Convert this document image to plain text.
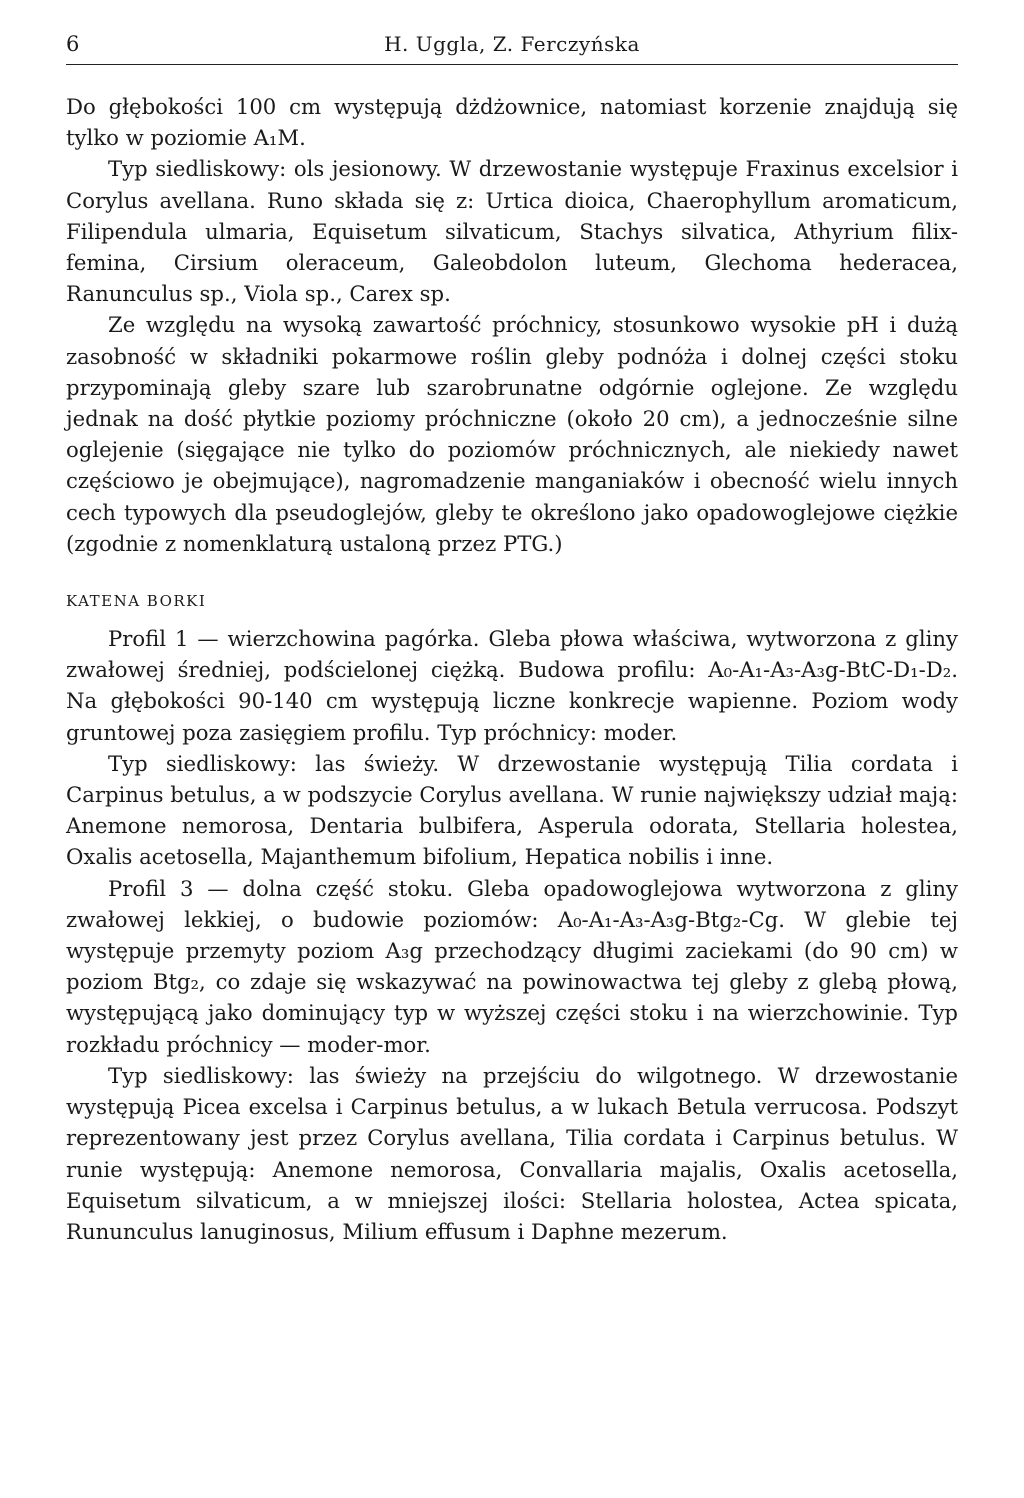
6	H. Uggla, Z. Ferczyńska

Do głębokości 100 cm występują dżdżownice, natomiast korzenie znajdują się tylko w poziomie A₁M.

Typ siedliskowy: ols jesionowy. W drzewostanie występuje Fraxinus excelsior i Corylus avellana. Runo składa się z: Urtica dioica, Chaerophyllum aromaticum, Filipendula ulmaria, Equisetum silvaticum, Stachys silvatica, Athyrium filix-femina, Cirsium oleraceum, Galeobdolon luteum, Glechoma hederacea, Ranunculus sp., Viola sp., Carex sp.

Ze względu na wysoką zawartość próchnicy, stosunkowo wysokie pH i dużą zasobność w składniki pokarmowe roślin gleby podnóża i dolnej części stoku przypominają gleby szare lub szarobrunatne odgórnie oglejone. Ze względu jednak na dość płytkie poziomy próchniczne (około 20 cm), a jednocześnie silne oglejenie (sięgające nie tylko do poziomów próchnicznych, ale niekiedy nawet częściowo je obejmujące), nagromadzenie manganiaków i obecność wielu innych cech typowych dla pseudoglejów, gleby te określono jako opadowoglejowe ciężkie (zgodnie z nomenklaturą ustaloną przez PTG.)

KATENA BORKI

Profil 1 — wierzchowina pagórka. Gleba płowa właściwa, wytworzona z gliny zwałowej średniej, podścielonej ciężką. Budowa profilu: A₀-A₁-A₃-A₃g-BtC-D₁-D₂. Na głębokości 90-140 cm występują liczne konkrecje wapienne. Poziom wody gruntowej poza zasięgiem profilu. Typ próchnicy: moder.

Typ siedliskowy: las świeży. W drzewostanie występują Tilia cordata i Carpinus betulus, a w podszycie Corylus avellana. W runie największy udział mają: Anemone nemorosa, Dentaria bulbifera, Asperula odorata, Stellaria holestea, Oxalis acetosella, Majanthemum bifolium, Hepatica nobilis i inne.

Profil 3 — dolna część stoku. Gleba opadowoglejowa wytworzona z gliny zwałowej lekkiej, o budowie poziomów: A₀-A₁-A₃-A₃g-Btg₂-Cg. W glebie tej występuje przemyty poziom A₃g przechodzący długimi zaciekami (do 90 cm) w poziom Btg₂, co zdaje się wskazywać na powinowactwa tej gleby z glebą płową, występującą jako dominujący typ w wyższej części stoku i na wierzchowinie. Typ rozkładu próchnicy — moder-mor.

Typ siedliskowy: las świeży na przejściu do wilgotnego. W drzewostanie występują Picea excelsa i Carpinus betulus, a w lukach Betula verrucosa. Podszyt reprezentowany jest przez Corylus avellana, Tilia cordata i Carpinus betulus. W runie występują: Anemone nemorosa, Convallaria majalis, Oxalis acetosella, Equisetum silvaticum, a w mniejszej ilości: Stellaria holostea, Actea spicata, Rununculus lanuginosus, Milium effusum i Daphne mezerum.
